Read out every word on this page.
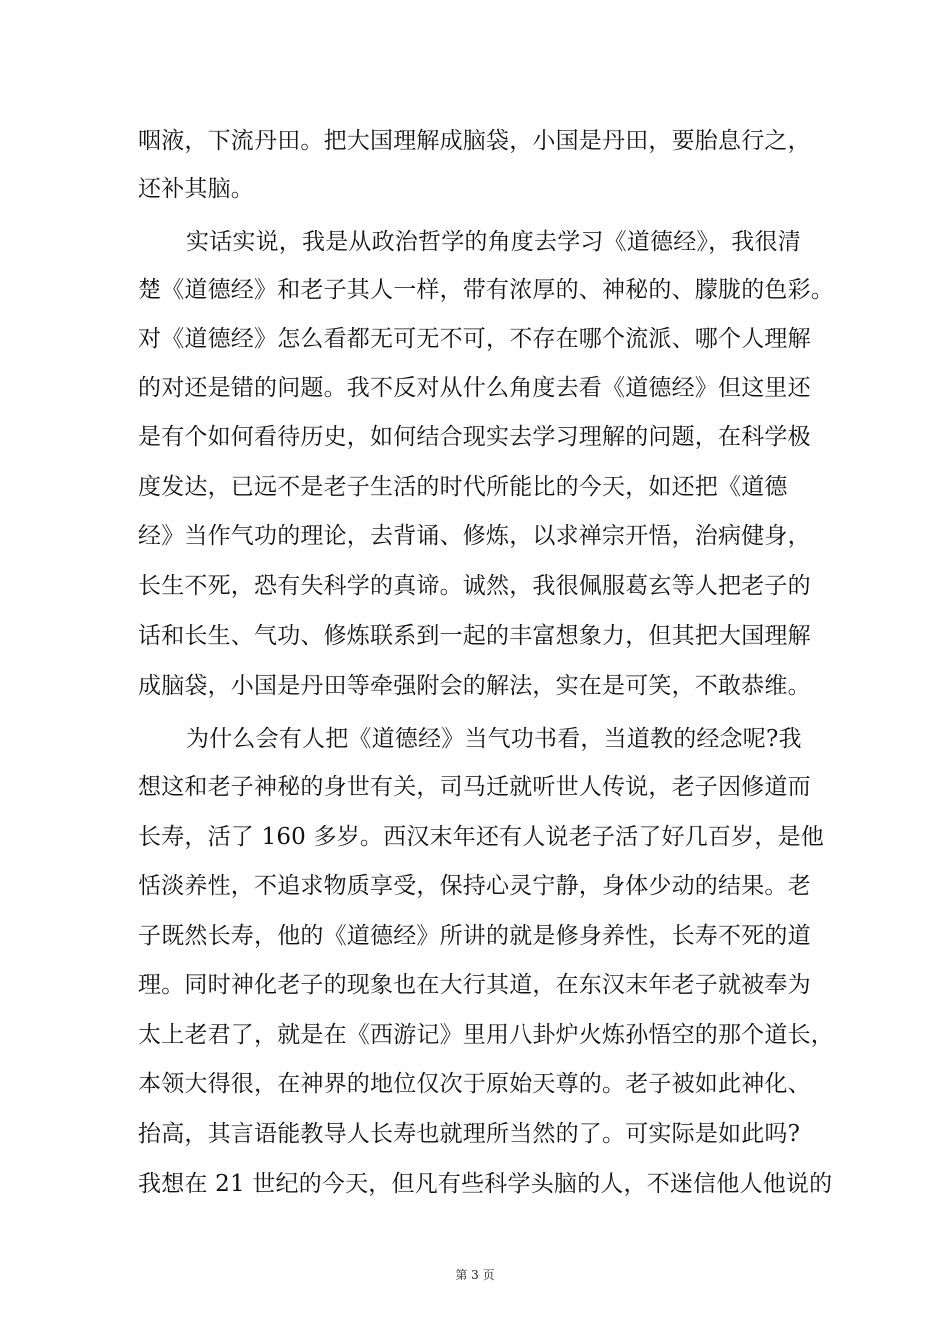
咽液，下流丹田。把大国理解成脑袋，小国是丹田，要胎息行之，
还补其脑。
实话实说，我是从政治哲学的角度去学习《道德经》，我很清
楚《道德经》和老子其人一样，带有浓厚的、神秘的、朦胧的色彩。
对《道德经》怎么看都无可无不可，不存在哪个流派、哪个人理解
的对还是错的问题。我不反对从什么角度去看《道德经》但这里还
是有个如何看待历史，如何结合现实去学习理解的问题，在科学极
度发达，已远不是老子生活的时代所能比的今天，如还把《道德
经》当作气功的理论，去背诵、修炼，以求禅宗开悟，治病健身，
长生不死，恐有失科学的真谛。诚然，我很佩服葛玄等人把老子的
话和长生、气功、修炼联系到一起的丰富想象力，但其把大国理解
成脑袋，小国是丹田等牵强附会的解法，实在是可笑，不敢恭维。
为什么会有人把《道德经》当气功书看，当道教的经念呢?我
想这和老子神秘的身世有关，司马迁就听世人传说，老子因修道而
长寿，活了 160 多岁。西汉末年还有人说老子活了好几百岁，是他
恬淡养性，不追求物质享受，保持心灵宁静，身体少动的结果。老
子既然长寿，他的《道德经》所讲的就是修身养性，长寿不死的道
理。同时神化老子的现象也在大行其道，在东汉末年老子就被奉为
太上老君了，就是在《西游记》里用八卦炉火炼孙悟空的那个道长，
本领大得很，在神界的地位仅次于原始天尊的。老子被如此神化、
抬高，其言语能教导人长寿也就理所当然的了。可实际是如此吗?
我想在 21 世纪的今天，但凡有些科学头脑的人，不迷信他人他说的
第 3 页
